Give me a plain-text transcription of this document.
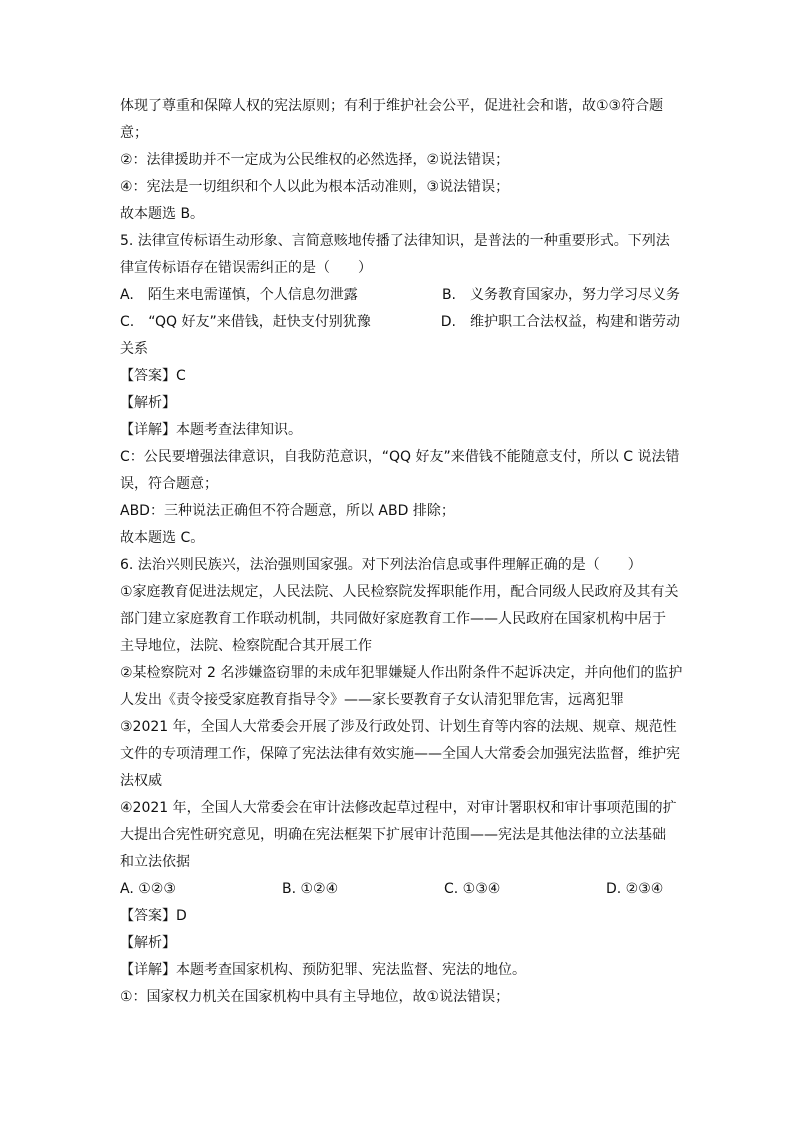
体现了尊重和保障人权的宪法原则；有利于维护社会公平，促进社会和谐，故①③符合题
意；
②：法律援助并不一定成为公民维权的必然选择，②说法错误；
④：宪法是一切组织和个人以此为根本活动准则，③说法错误；
故本题选 B。
5. 法律宣传标语生动形象、言简意赅地传播了法律知识，是普法的一种重要形式。下列法
律宣传标语存在错误需纠正的是（　　）
A.　陌生来电需谨慎，个人信息勿泄露	B.　义务教育国家办，努力学习尽义务
C.　“QQ 好友”来借钱，赶快支付别犹豫	D.　维护职工合法权益，构建和谐劳动
关系
【答案】C
【解析】
【详解】本题考查法律知识。
C：公民要增强法律意识，自我防范意识，“QQ 好友”来借钱不能随意支付，所以 C 说法错
误，符合题意；
ABD：三种说法正确但不符合题意，所以 ABD 排除；
故本题选 C。
6. 法治兴则民族兴，法治强则国家强。对下列法治信息或事件理解正确的是（　　）
①家庭教育促进法规定，人民法院、人民检察院发挥职能作用，配合同级人民政府及其有关
部门建立家庭教育工作联动机制，共同做好家庭教育工作——人民政府在国家机构中居于
主导地位，法院、检察院配合其开展工作
②某检察院对 2 名涉嫌盗窃罪的未成年犯罪嫌疑人作出附条件不起诉决定，并向他们的监护
人发出《责令接受家庭教育指导令》——家长要教育子女认清犯罪危害，远离犯罪
③2021 年，全国人大常委会开展了涉及行政处罚、计划生育等内容的法规、规章、规范性
文件的专项清理工作，保障了宪法法律有效实施——全国人大常委会加强宪法监督，维护宪
法权威
④2021 年，全国人大常委会在审计法修改起草过程中，对审计署职权和审计事项范围的扩
大提出合宪性研究意见，明确在宪法框架下扩展审计范围——宪法是其他法律的立法基础
和立法依据
A. ①②③	B. ①②④	C. ①③④	D. ②③④
【答案】D
【解析】
【详解】本题考查国家机构、预防犯罪、宪法监督、宪法的地位。
①：国家权力机关在国家机构中具有主导地位，故①说法错误；
